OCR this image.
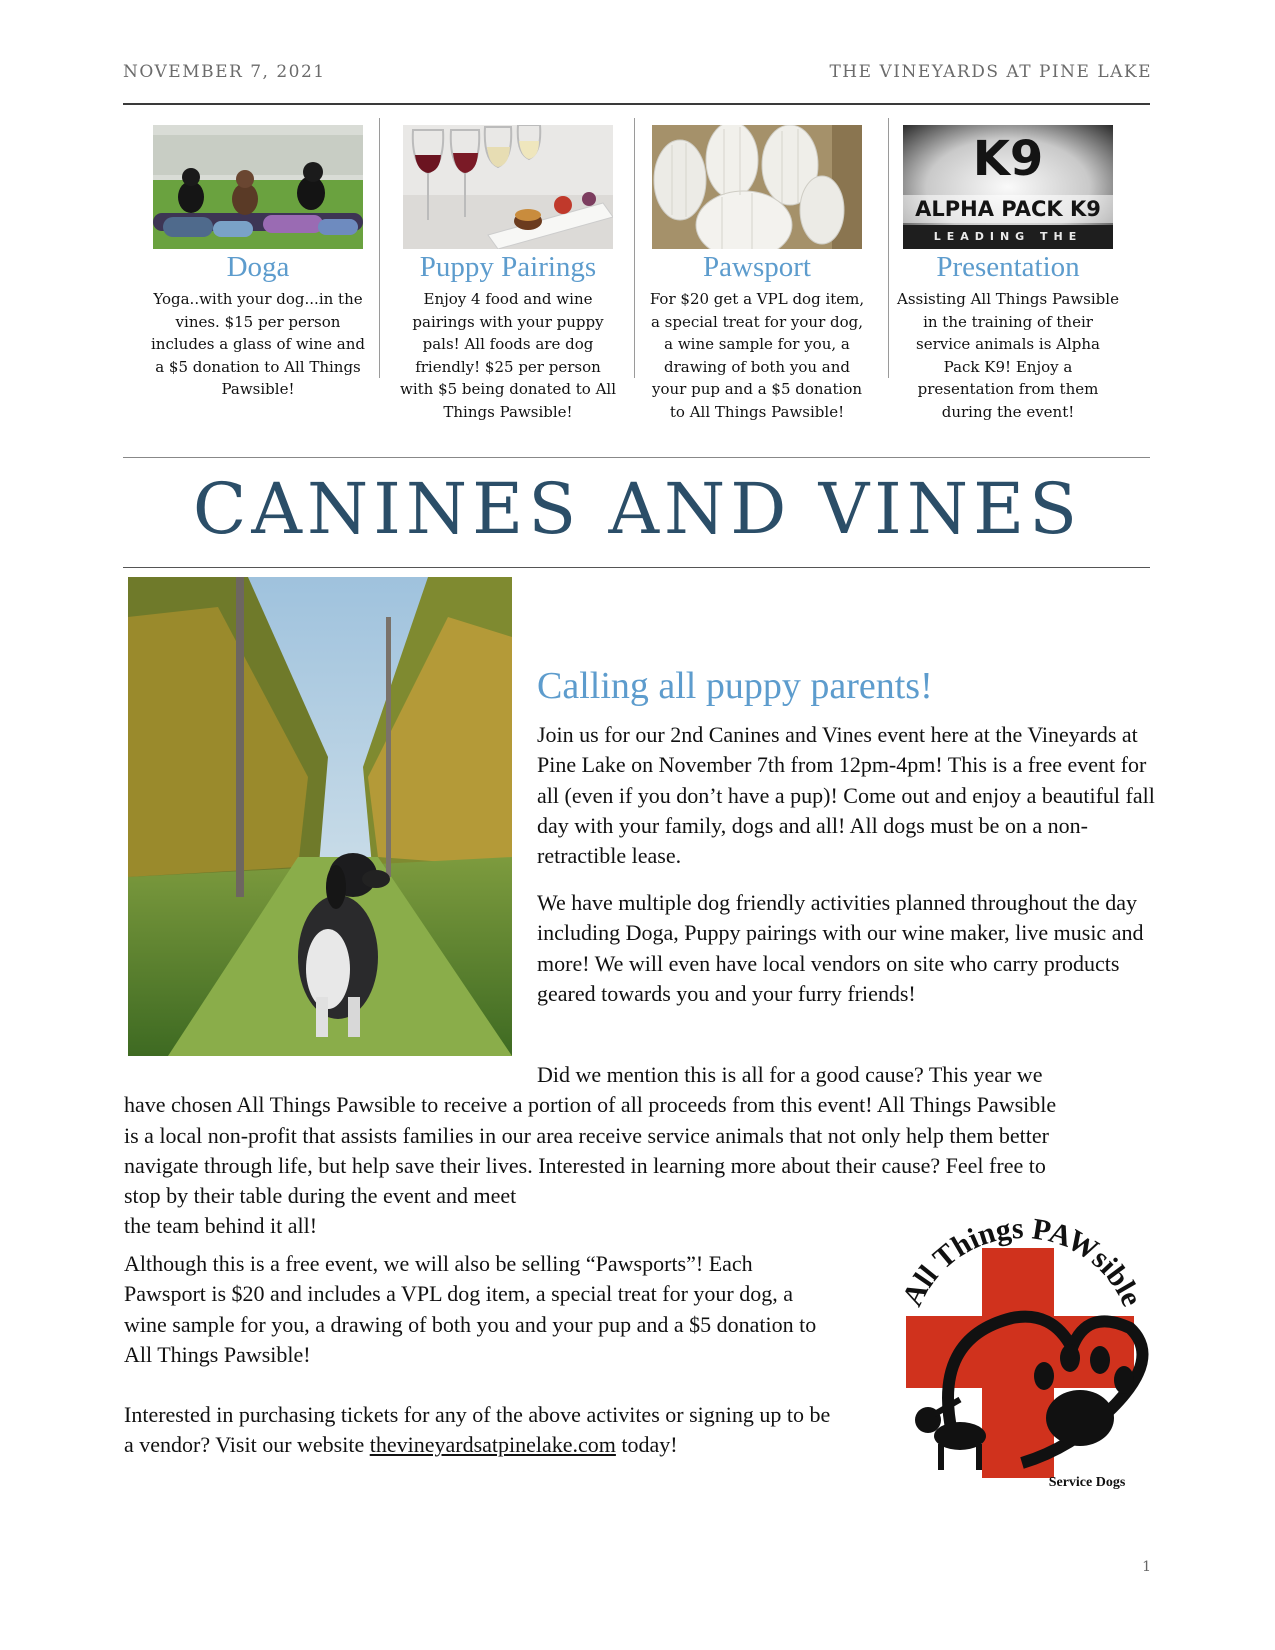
NOVEMBER 7, 2021	THE VINEYARDS AT PINE LAKE
Doga

Yoga..with your dog...in the vines. $15 per person includes a glass of wine and a $5 donation to All Things Pawsible!

Puppy Pairings

Enjoy 4 food and wine pairings with your puppy pals! All foods are dog friendly! $25 per person with $5 being donated to All Things Pawsible!

Pawsport

For $20 get a VPL dog item, a special treat for your dog, a wine sample for you, a drawing of both you and your pup and a $5 donation to All Things Pawsible!

K9
ALPHA PACK K9
LEADING THE
Presentation

Assisting All Things Pawsible in the training of their service animals is Alpha Pack K9! Enjoy a presentation from them during the event!

CANINES AND VINES
Calling all puppy parents!
Join us for our 2nd Canines and Vines event here at the Vineyards at Pine Lake on November 7th from 12pm-4pm! This is a free event for all (even if you don’t have a pup)! Come out and enjoy a beautiful fall day with your family, dogs and all! All dogs must be on a non-retractible lease.
We have multiple dog friendly activities planned throughout the day including Doga, Puppy pairings with our wine maker, live music and more! We will even have local vendors on site who carry products geared towards you and your furry friends!
Did we mention this is all for a good cause? This year we
have chosen All Things Pawsible to receive a portion of all proceeds from this event! All Things Pawsible is a local non-profit that assists families in our area receive service animals that not only help them better navigate through life, but help save their lives. Interested in learning more about their cause? Feel free to stop by their table during the event and meet
the team behind it all!
Although this is a free event, we will also be selling “Pawsports”! Each Pawsport is $20 and includes a VPL dog item, a special treat for your dog, a wine sample for you, a drawing of both you and your pup and a $5 donation to All Things Pawsible!
Interested in purchasing tickets for any of the above activites or signing up to be a vendor? Visit our website thevineyardsatpinelake.com today!
All Things PAWsible
Service Dogs
1
